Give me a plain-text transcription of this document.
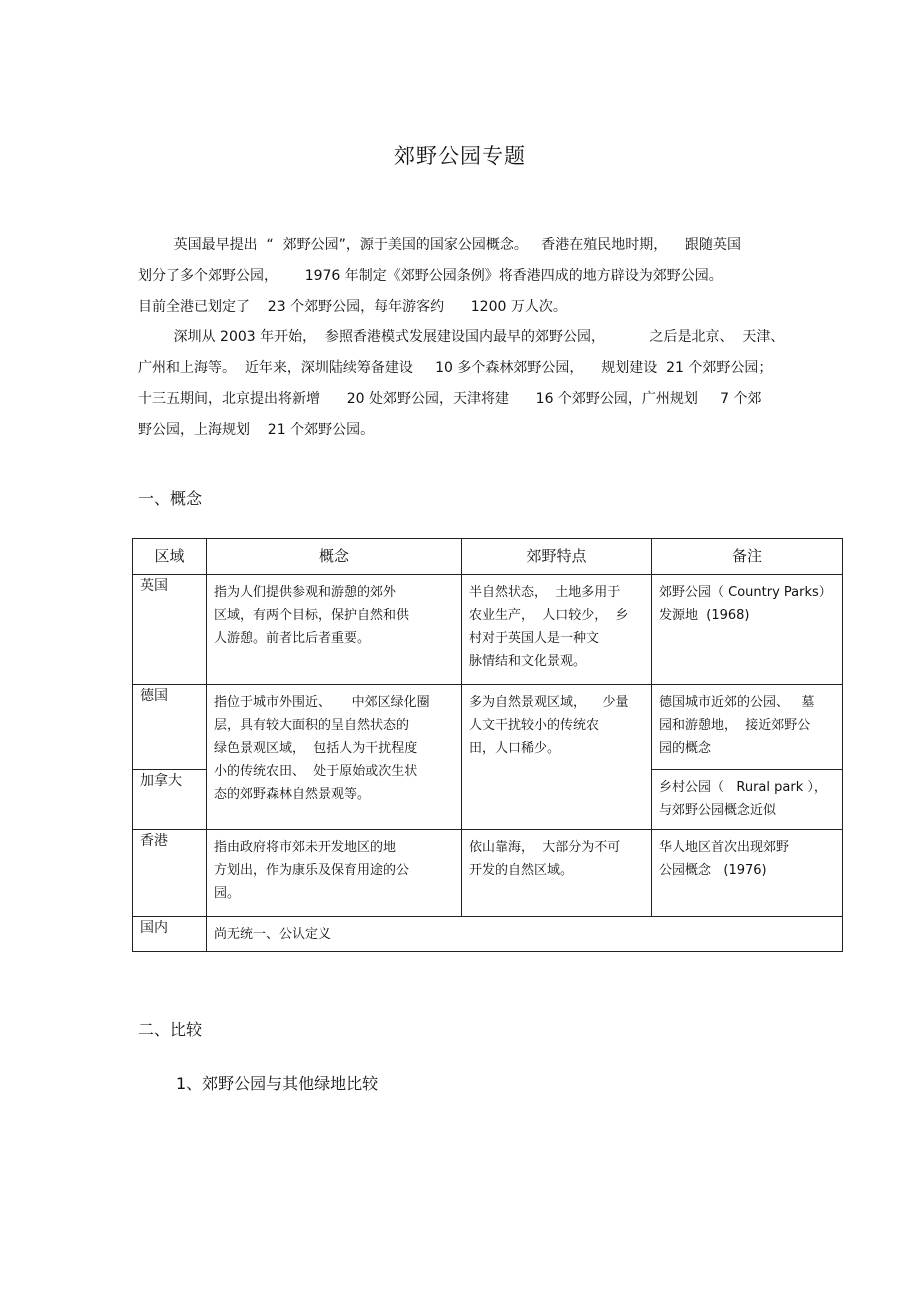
郊野公园专题

英国最早提出  “  郊野公园”，源于美国的国家公园概念。   香港在殖民地时期，    跟随英国
划分了多个郊野公园，      1976 年制定《郊野公园条例》将香港四成的地方辟设为郊野公园。
目前全港已划定了    23 个郊野公园，每年游客约      1200 万人次。

深圳从 2003 年开始，  参照香港模式发展建设国内最早的郊野公园，          之后是北京、  天津、
广州和上海等。  近年来，深圳陆续筹备建设     10 多个森林郊野公园，    规划建设  21 个郊野公园；
十三五期间，北京提出将新增      20 处郊野公园，天津将建      16 个郊野公园，广州规划     7 个郊
野公园，上海规划    21 个郊野公园。

一、概念
区域	概念	郊野特点	备注
英国	指为人们提供参观和游憩的郊外
区域，有两个目标，保护自然和供
人游憩。前者比后者重要。	半自然状态，  土地多用于
农业生产，  人口较少，  乡
村对于英国人是一种文
脉情结和文化景观。	郊野公园（ Country Parks）
发源地  (1968)

德国	指位于城市外围近、     中郊区绿化圈
层，具有较大面积的呈自然状态的
绿色景观区域，  包括人为干扰程度
小的传统农田、  处于原始或次生状
态的郊野森林自然景观等。	多为自然景观区域，    少量
人文干扰较小的传统农
田，人口稀少。	德国城市近郊的公园、   墓
园和游憩地，  接近郊野公
园的概念

加拿大			乡村公园（   Rural park ），
与郊野公园概念近似

香港	指由政府将市郊未开发地区的地
方划出，作为康乐及保育用途的公
园。	依山靠海，  大部分为不可
开发的自然区域。	华人地区首次出现郊野
公园概念   (1976)

国内	尚无统一、公认定义		
二、比较
1、郊野公园与其他绿地比较
